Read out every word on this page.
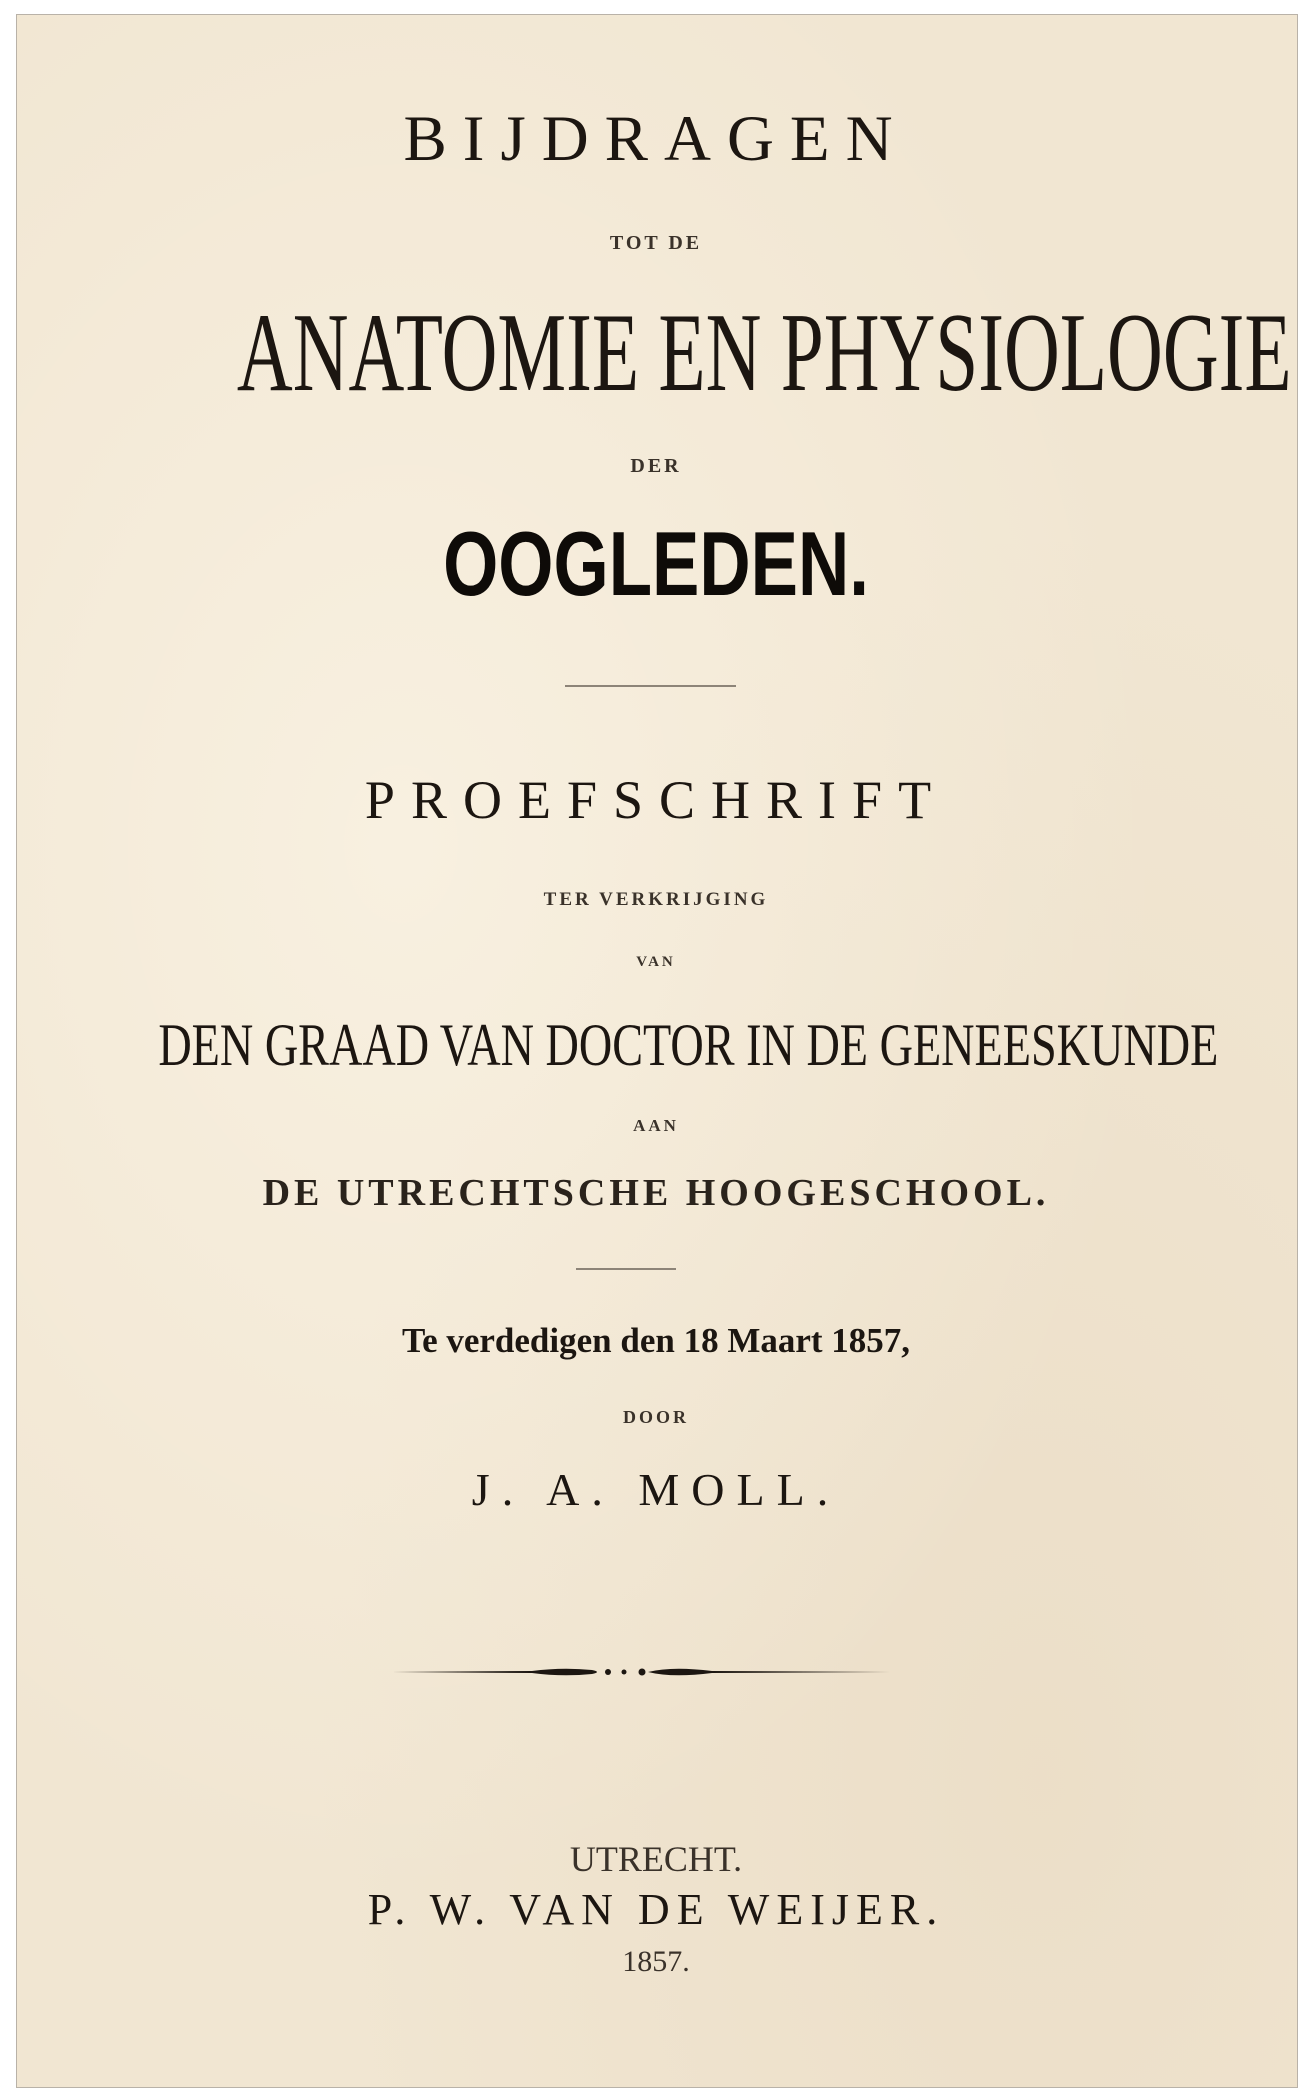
BIJDRAGEN
TOT DE
ANATOMIE EN PHYSIOLOGIE
DER
OOGLEDEN.
PROEFSCHRIFT
TER VERKRIJGING
VAN
DEN GRAAD VAN DOCTOR IN DE GENEESKUNDE
AAN
DE UTRECHTSCHE HOOGESCHOOL.
Te verdedigen den 18 Maart 1857,
DOOR
J. A. MOLL.
UTRECHT.
P. W. VAN DE WEIJER.
1857.
